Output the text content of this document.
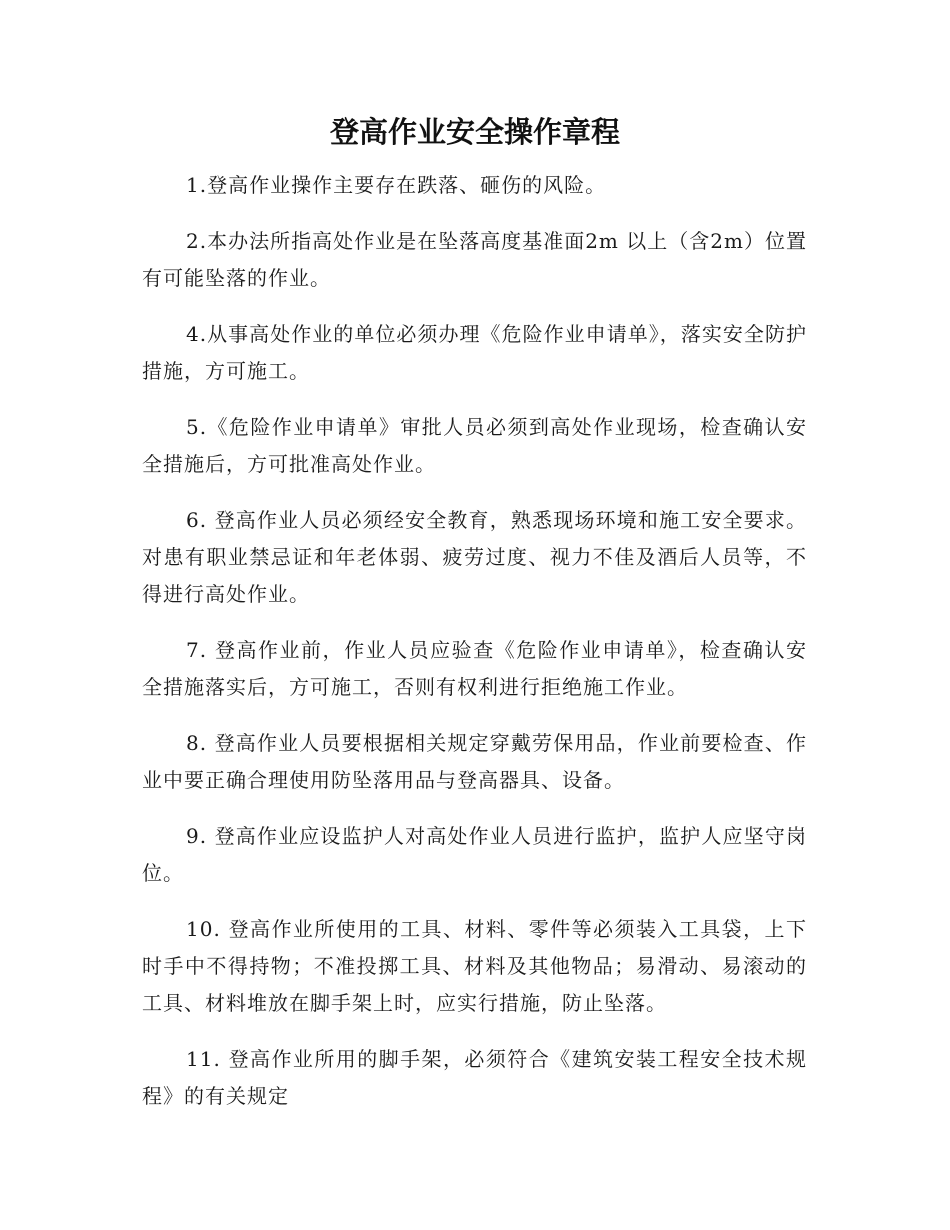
登高作业安全操作章程

1.登高作业操作主要存在跌落、砸伤的风险。

2.本办法所指高处作业是在坠落高度基准面2m 以上（含2m）位置有可能坠落的作业。

4.从事高处作业的单位必须办理《危险作业申请单》，落实安全防护措施，方可施工。

5.《危险作业申请单》审批人员必须到高处作业现场，检查确认安全措施后，方可批准高处作业。

6. 登高作业人员必须经安全教育，熟悉现场环境和施工安全要求。对患有职业禁忌证和年老体弱、疲劳过度、视力不佳及酒后人员等，不得进行高处作业。

7. 登高作业前，作业人员应验查《危险作业申请单》，检查确认安全措施落实后，方可施工，否则有权利进行拒绝施工作业。

8. 登高作业人员要根据相关规定穿戴劳保用品，作业前要检查、作业中要正确合理使用防坠落用品与登高器具、设备。

9. 登高作业应设监护人对高处作业人员进行监护，监护人应坚守岗位。

10. 登高作业所使用的工具、材料、零件等必须装入工具袋，上下时手中不得持物；不准投掷工具、材料及其他物品；易滑动、易滚动的工具、材料堆放在脚手架上时，应实行措施，防止坠落。

11. 登高作业所用的脚手架，必须符合《建筑安装工程安全技术规程》的有关规定
